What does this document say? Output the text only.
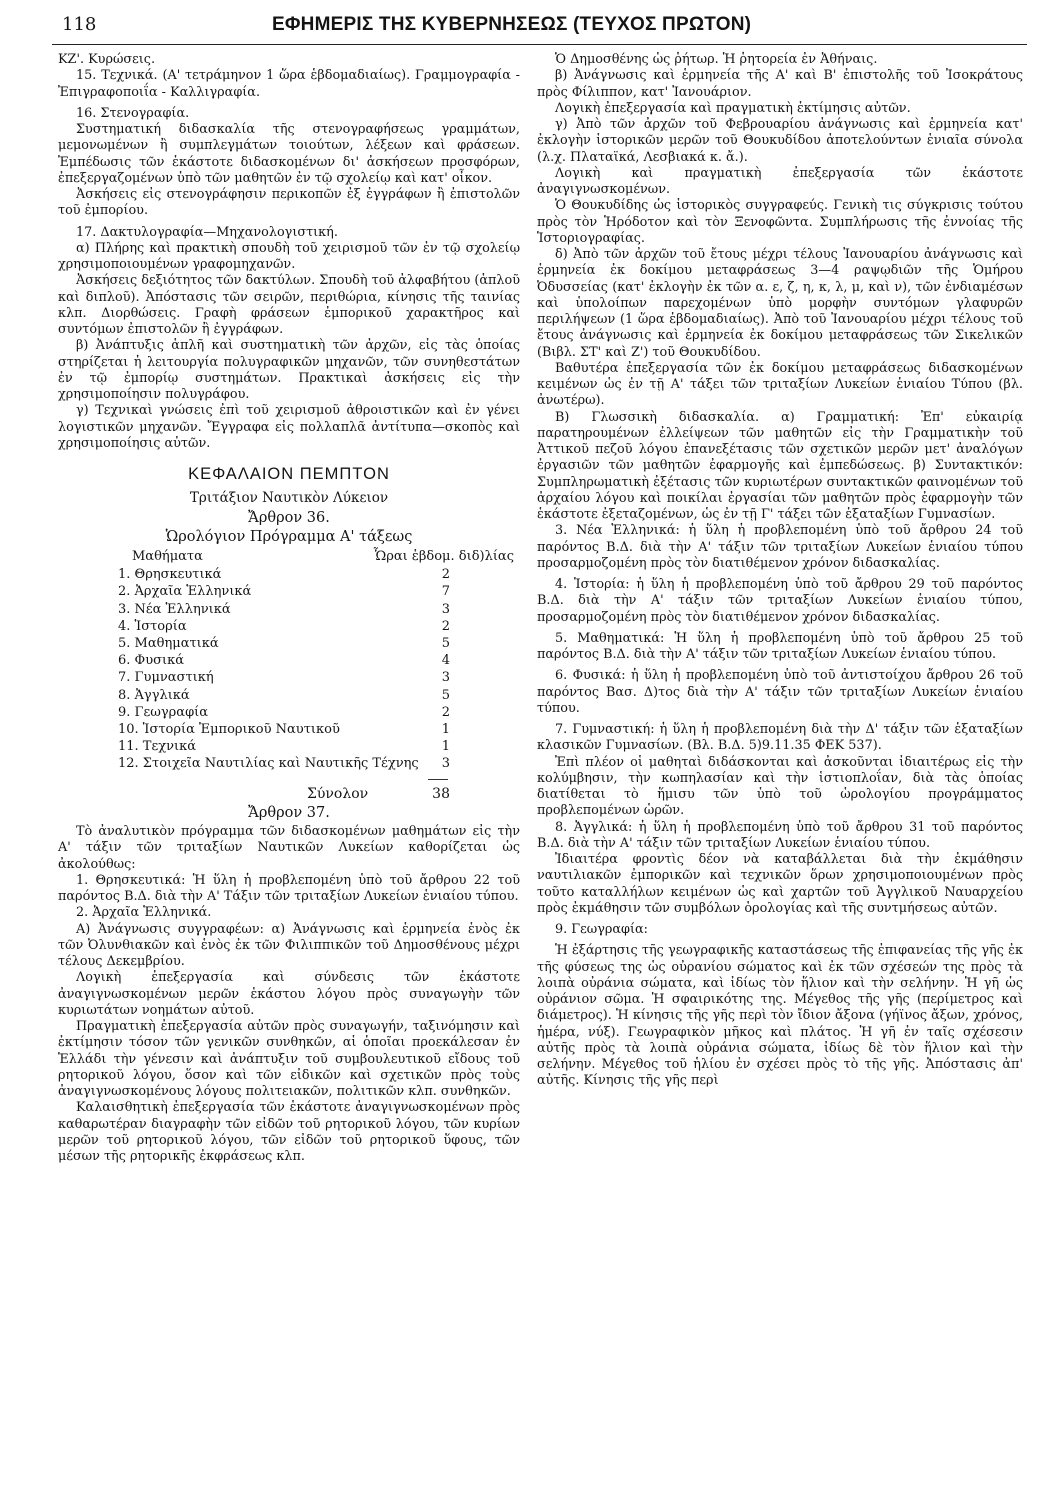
118	ΕΦΗΜΕΡΙΣ ΤΗΣ ΚΥΒΕΡΝΗΣΕΩΣ (ΤΕΥΧΟΣ ΠΡΩΤΟΝ)

ΚΖ'. Κυρώσεις.

15. Τεχνικά. (Α' τετράμηνον 1 ὥρα ἑβδομαδιαίως). Γραμμογραφία - Ἐπιγραφοποιΐα - Καλλιγραφία.

16. Στενογραφία.

Συστηματική διδασκαλία τῆς στενογραφήσεως γραμμάτων, μεμονωμένων ἢ συμπλεγμάτων τοιούτων, λέξεων καὶ φράσεων. Ἐμπέδωσις τῶν ἑκάστοτε διδασκομένων δι' ἀσκήσεων προσφόρων, ἐπεξεργαζομένων ὑπὸ τῶν μαθητῶν ἐν τῷ σχολείῳ καὶ κατ' οἶκον.

Ἀσκήσεις εἰς στενογράφησιν περικοπῶν ἐξ ἐγγράφων ἢ ἐπιστολῶν τοῦ ἐμπορίου.

17. Δακτυλογραφία—Μηχανολογιστική.

α) Πλήρης καὶ πρακτικὴ σπουδὴ τοῦ χειρισμοῦ τῶν ἐν τῷ σχολείῳ χρησιμοποιουμένων γραφομηχανῶν.

Ἀσκήσεις δεξιότητος τῶν δακτύλων. Σπουδὴ τοῦ ἀλφαβήτου (ἁπλοῦ καὶ διπλοῦ). Ἀπόστασις τῶν σειρῶν, περιθώρια, κίνησις τῆς ταινίας κλπ. Διορθώσεις. Γραφὴ φράσεων ἐμπορικοῦ χαρακτῆρος καὶ συντόμων ἐπιστολῶν ἢ ἐγγράφων.

β) Ἀνάπτυξις ἁπλῆ καὶ συστηματικὴ τῶν ἀρχῶν, εἰς τὰς ὁποίας στηρίζεται ἡ λειτουργία πολυγραφικῶν μηχανῶν, τῶν συνηθεστάτων ἐν τῷ ἐμπορίῳ συστημάτων. Πρακτικαὶ ἀσκήσεις εἰς τὴν χρησιμοποίησιν πολυγράφου.

γ) Τεχνικαὶ γνώσεις ἐπὶ τοῦ χειρισμοῦ ἀθροιστικῶν καὶ ἐν γένει λογιστικῶν μηχανῶν. Ἔγγραφα εἰς πολλαπλᾶ ἀντίτυπα—σκοπὸς καὶ χρησιμοποίησις αὐτῶν.

ΚΕΦΑΛΑΙΟΝ ΠΕΜΠΤΟΝ

Τριτάξιον Ναυτικὸν Λύκειον

Ἄρθρον 36.

Ὡρολόγιον Πρόγραμμα Α' τάξεως

Μαθήματα	Ὧραι ἑβδομ. διδ)λίας
1. Θρησκευτικά	2
2. Ἀρχαῖα Ἑλληνικά	7
3. Νέα Ἑλληνικά	3
4. Ἱστορία	2
5. Μαθηματικά	5
6. Φυσικά	4
7. Γυμναστική	3
8. Ἀγγλικά	5
9. Γεωγραφία	2
10. Ἱστορία Ἐμπορικοῦ Ναυτικοῦ	1
11. Τεχνικά	1
12. Στοιχεῖα Ναυτιλίας καὶ Ναυτικῆς Τέχνης 3
Σύνολον	38

Ἄρθρον 37.

Τὸ ἀναλυτικὸν πρόγραμμα τῶν διδασκομένων μαθημάτων εἰς τὴν Α' τάξιν τῶν τριταξίων Ναυτικῶν Λυκείων καθορίζεται ὡς ἀκολούθως:

1. Θρησκευτικά: Ἡ ὕλη ἡ προβλεπομένη ὑπὸ τοῦ ἄρθρου 22 τοῦ παρόντος Β.Δ. διὰ τὴν Α' Τάξιν τῶν τριταξίων Λυκείων ἑνιαίου τύπου.

2. Ἀρχαῖα Ἑλληνικά.

Α) Ἀνάγνωσις συγγραφέων: α) Ἀνάγνωσις καὶ ἑρμηνεία ἑνὸς ἐκ τῶν Ὀλυνθιακῶν καὶ ἑνὸς ἐκ τῶν Φιλιππικῶν τοῦ Δημοσθένους μέχρι τέλους Δεκεμβρίου.

Λογικὴ ἐπεξεργασία καὶ σύνδεσις τῶν ἑκάστοτε ἀναγιγνωσκομένων μερῶν ἑκάστου λόγου πρὸς συναγωγὴν τῶν κυριωτάτων νοημάτων αὐτοῦ.

Πραγματικὴ ἐπεξεργασία αὐτῶν πρὸς συναγωγήν, ταξινόμησιν καὶ ἐκτίμησιν τόσον τῶν γενικῶν συνθηκῶν, αἱ ὁποῖαι προεκάλεσαν ἐν Ἑλλάδι τὴν γένεσιν καὶ ἀνάπτυξιν τοῦ συμβουλευτικοῦ εἴδους τοῦ ρητορικοῦ λόγου, ὅσον καὶ τῶν εἰδικῶν καὶ σχετικῶν πρὸς τοὺς ἀναγιγνωσκομένους λόγους πολιτειακῶν, πολιτικῶν κλπ. συνθηκῶν.

Καλαισθητικὴ ἐπεξεργασία τῶν ἑκάστοτε ἀναγιγνωσκομένων πρὸς καθαρωτέραν διαγραφὴν τῶν εἰδῶν τοῦ ρητορικοῦ λόγου, τῶν κυρίων μερῶν τοῦ ρητορικοῦ λόγου, τῶν εἰδῶν τοῦ ρητορικοῦ ὕφους, τῶν μέσων τῆς ρητορικῆς ἐκφράσεως κλπ.

Ὁ Δημοσθένης ὡς ῥήτωρ. Ἡ ῥητορεία ἐν Ἀθήναις.

β) Ἀνάγνωσις καὶ ἑρμηνεία τῆς Α' καὶ Β' ἐπιστολῆς τοῦ Ἰσοκράτους πρὸς Φίλιππον, κατ' Ἰανουάριον.

Λογικὴ ἐπεξεργασία καὶ πραγματικὴ ἐκτίμησις αὐτῶν.

γ) Ἀπὸ τῶν ἀρχῶν τοῦ Φεβρουαρίου ἀνάγνωσις καὶ ἑρμηνεία κατ' ἐκλογὴν ἱστορικῶν μερῶν τοῦ Θουκυδίδου ἀποτελούντων ἑνιαῖα σύνολα (λ.χ. Πλαταϊκά, Λεσβιακά κ. ἄ.).

Λογικὴ καὶ πραγματικὴ ἐπεξεργασία τῶν ἑκάστοτε ἀναγιγνωσκομένων.

Ὁ Θουκυδίδης ὡς ἱστορικὸς συγγραφεύς. Γενικὴ τις σύγκρισις τούτου πρὸς τὸν Ἡρόδοτον καὶ τὸν Ξενοφῶντα. Συμπλήρωσις τῆς ἐννοίας τῆς Ἱστοριογραφίας.

δ) Ἀπὸ τῶν ἀρχῶν τοῦ ἔτους μέχρι τέλους Ἰανουαρίου ἀνάγνωσις καὶ ἑρμηνεία ἐκ δοκίμου μεταφράσεως 3—4 ραψῳδιῶν τῆς Ὁμήρου Ὀδυσσείας (κατ' ἐκλογὴν ἐκ τῶν α. ε, ζ, η, κ, λ, μ, καὶ ν), τῶν ἐνδιαμέσων καὶ ὑπολοίπων παρεχομένων ὑπὸ μορφὴν συντόμων γλαφυρῶν περιλήψεων (1 ὥρα ἑβδομαδιαίως). Ἀπὸ τοῦ Ἰανουαρίου μέχρι τέλους τοῦ ἔτους ἀνάγνωσις καὶ ἑρμηνεία ἐκ δοκίμου μεταφράσεως τῶν Σικελικῶν (Βιβλ. ΣΤ' καὶ Ζ') τοῦ Θουκυδίδου.

Βαθυτέρα ἐπεξεργασία τῶν ἐκ δοκίμου μεταφράσεως διδασκομένων κειμένων ὡς ἐν τῇ Α' τάξει τῶν τριταξίων Λυκείων ἑνιαίου Τύπου (βλ. ἀνωτέρω).

Β) Γλωσσικὴ διδασκαλία. α) Γραμματική: Ἐπ' εὐκαιρίᾳ παρατηρουμένων ἐλλείψεων τῶν μαθητῶν εἰς τὴν Γραμματικὴν τοῦ Ἀττικοῦ πεζοῦ λόγου ἐπανεξέτασις τῶν σχετικῶν μερῶν μετ' ἀναλόγων ἐργασιῶν τῶν μαθητῶν ἐφαρμογῆς καὶ ἐμπεδώσεως. β) Συντακτικόν: Συμπληρωματικὴ ἐξέτασις τῶν κυριωτέρων συντακτικῶν φαινομένων τοῦ ἀρχαίου λόγου καὶ ποικίλαι ἐργασίαι τῶν μαθητῶν πρὸς ἐφαρμογὴν τῶν ἑκάστοτε ἐξεταζομένων, ὡς ἐν τῇ Γ' τάξει τῶν ἑξαταξίων Γυμνασίων.

3. Νέα Ἑλληνικά: ἡ ὕλη ἡ προβλεπομένη ὑπὸ τοῦ ἄρθρου 24 τοῦ παρόντος Β.Δ. διὰ τὴν Α' τάξιν τῶν τριταξίων Λυκείων ἑνιαίου τύπου προσαρμοζομένη πρὸς τὸν διατιθέμενον χρόνον διδασκαλίας.

4. Ἱστορία: ἡ ὕλη ἡ προβλεπομένη ὑπὸ τοῦ ἄρθρου 29 τοῦ παρόντος Β.Δ. διὰ τὴν Α' τάξιν τῶν τριταξίων Λυκείων ἑνιαίου τύπου, προσαρμοζομένη πρὸς τὸν διατιθέμενον χρόνον διδασκαλίας.

5. Μαθηματικά: Ἡ ὕλη ἡ προβλεπομένη ὑπὸ τοῦ ἄρθρου 25 τοῦ παρόντος Β.Δ. διὰ τὴν Α' τάξιν τῶν τριταξίων Λυκείων ἑνιαίου τύπου.

6. Φυσικά: ἡ ὕλη ἡ προβλεπομένη ὑπὸ τοῦ ἀντιστοίχου ἄρθρου 26 τοῦ παρόντος Βασ. Δ)τος διὰ τὴν Α' τάξιν τῶν τριταξίων Λυκείων ἑνιαίου τύπου.

7. Γυμναστική: ἡ ὕλη ἡ προβλεπομένη διὰ τὴν Δ' τάξιν τῶν ἑξαταξίων κλασικῶν Γυμνασίων. (Βλ. Β.Δ. 5)9.11.35 ΦΕΚ 537).

Ἐπὶ πλέον οἱ μαθηταὶ διδάσκονται καὶ ἀσκοῦνται ἰδιαιτέρως εἰς τὴν κολύμβησιν, τὴν κωπηλασίαν καὶ τὴν ἱστιοπλοΐαν, διὰ τὰς ὁποίας διατίθεται τὸ ἥμισυ τῶν ὑπὸ τοῦ ὡρολογίου προγράμματος προβλεπομένων ὡρῶν.

8. Ἀγγλικά: ἡ ὕλη ἡ προβλεπομένη ὑπὸ τοῦ ἄρθρου 31 τοῦ παρόντος Β.Δ. διὰ τὴν Α' τάξιν τῶν τριταξίων Λυκείων ἑνιαίου τύπου.

Ἰδιαιτέρα φροντὶς δέον νὰ καταβάλλεται διὰ τὴν ἐκμάθησιν ναυτιλιακῶν ἐμπορικῶν καὶ τεχνικῶν ὅρων χρησιμοποιουμένων πρὸς τοῦτο καταλλήλων κειμένων ὡς καὶ χαρτῶν τοῦ Ἀγγλικοῦ Ναυαρχείου πρὸς ἐκμάθησιν τῶν συμβόλων ὁρολογίας καὶ τῆς συντμήσεως αὐτῶν.

9. Γεωγραφία:

Ἡ ἐξάρτησις τῆς γεωγραφικῆς καταστάσεως τῆς ἐπιφανείας τῆς γῆς ἐκ τῆς φύσεως της ὡς οὐρανίου σώματος καὶ ἐκ τῶν σχέσεών της πρὸς τὰ λοιπὰ οὐράνια σώματα, καὶ ἰδίως τὸν ἥλιον καὶ τὴν σελήνην. Ἡ γῆ ὡς οὐράνιον σῶμα. Ἡ σφαιρικότης της. Μέγεθος τῆς γῆς (περίμετρος καὶ διάμετρος). Ἡ κίνησις τῆς γῆς περὶ τὸν ἴδιον ἄξονα (γήϊνος ἄξων, χρόνος, ἡμέρα, νύξ). Γεωγραφικὸν μῆκος καὶ πλάτος. Ἡ γῆ ἐν ταῖς σχέσεσιν αὐτῆς πρὸς τὰ λοιπὰ οὐράνια σώματα, ἰδίως δὲ τὸν ἥλιον καὶ τὴν σελήνην. Μέγεθος τοῦ ἡλίου ἐν σχέσει πρὸς τὸ τῆς γῆς. Ἀπόστασις ἀπ' αὐτῆς. Κίνησις τῆς γῆς περὶ
